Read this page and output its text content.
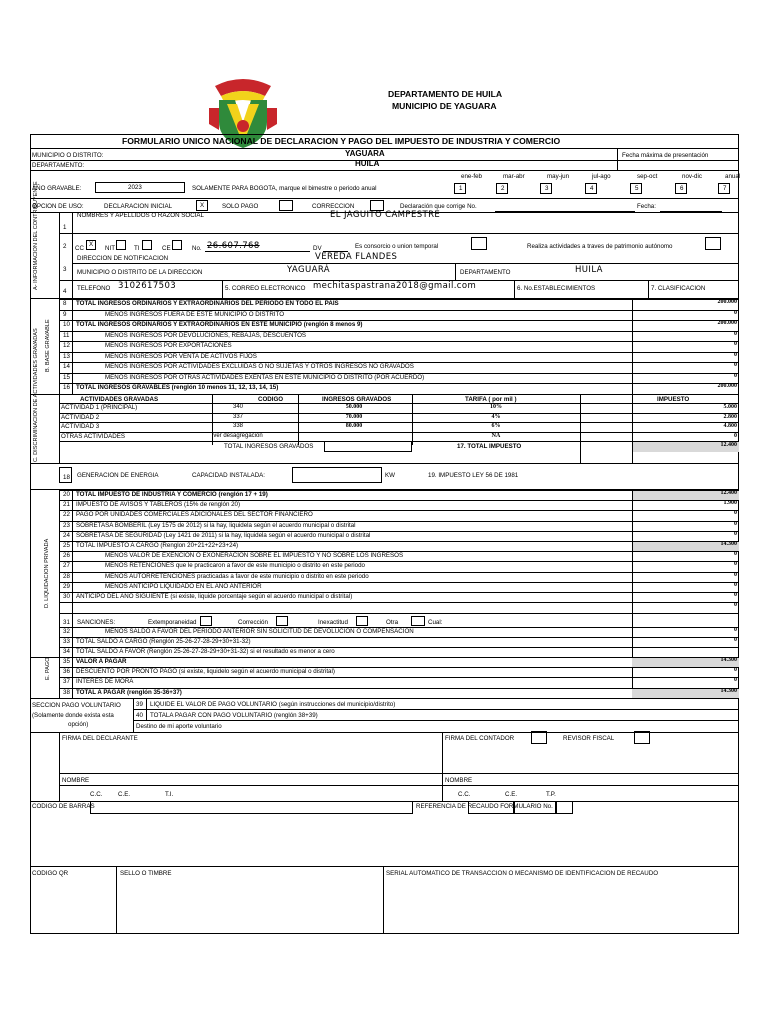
DEPARTAMENTO DE HUILA
MUNICIPIO DE YAGUARA
FORMULARIO UNICO NACIONAL DE DECLARACION Y PAGO DEL IMPUESTO DE INDUSTRIA Y COMERCIO
MUNICIPIO O DISTRITO:	YAGUARA	Fecha máxima de presentación
DEPARTAMENTO:	HUILA
ene-feb
1
mar-abr
2
may-jun
3
jul-ago
4
sep-oct
5
nov-dic
6
anual
7
AÑO GRAVABLE:	2023	SOLAMENTE PARA BOGOTA, marque el bimestre o periodo anual
OPCION DE USO:	DECLARACION INICIAL	X	SOLO PAGO	CORRECCION	Declaración que corrige No.	Fecha:
A- INFORMACION DEL CONTRIBUYENTE	NOMBRES Y APELLIDOS O RAZON SOCIAL	EL JAGUITO CAMPESTRE
1
2 CC
X
NIT	TI	CE	No. 26.607.768	DV	Es consorcio o union temporal	Realiza actividades a traves de patrimonio autónomo
DIRECCION DE NOTIFICACION	VEREDA FLANDES
3 MUNICIPIO O DISTRITO DE LA DIRECCION	YAGUARÁ	DEPARTAMENTO	HUILA
4 TELEFONO 3102617503	5. CORREO ELECTRONICO mechitaspastrana2018@gmail.com	6. No.ESTABLECIMIENTOS	7. CLASIFICACION
B. BASE GRAVABLE
8 TOTAL INGRESOS ORDINARIOS Y EXTRAORDINARIOS DEL PERIODO EN TODO EL PAIS	200.000
9	MENOS INGRESOS FUERA DE ESTE MUNICIPIO O DISTRITO	0
10 TOTAL INGRESOS ORDINARIOS Y EXTRAORDINARIOS EN ESTE MUNICIPIO (renglón 8 menos 9)	200.000
11	MENOS INGRESOS POR DEVOLUCIONES, REBAJAS, DESCUENTOS	0
12	MENOS INGRESOS POR EXPORTACIONES	0
13	MENOS INGRESOS POR VENTA DE ACTIVOS FIJOS	0
14	MENOS INGRESOS POR ACTIVIDADES EXCLUIDAS O NO SUJETAS Y OTROS INGRESOS NO GRAVADOS	0
15	MENOS INGRESOS POR OTRAS ACTIVIDADES EXENTAS EN ESTE MUNICIPIO O DISTRITO (POR ACUERDO)	0
16 TOTAL INGRESOS GRAVABLES (renglón 10 menos 11, 12, 13, 14, 15)	200.000
C. DISCRIMINACION DE ACTIVIDADES GRAVADAS	ACTIVIDADES GRAVADAS	CODIGO	INGRESOS GRAVADOS	TARIFA ( por mil )	IMPUESTO
ACTIVIDAD 1 (PRINCIPAL)	340	50.000	10%	5.000
ACTIVIDAD 2	337	70.000	4%	2.800
ACTIVIDAD 3	338	80.000	6%	4.800
OTRAS ACTIVIDADES	ver desagregacion	NA	0
TOTAL INGRESOS GRAVADOS	17. TOTAL IMPUESTO	12.400
18 GENERACION DE ENERGIA	CAPACIDAD INSTALADA:	KW	19. IMPUESTO LEY 56 DE 1981
D. LIQUIDACION PRIVADA
20 TOTAL IMPUESTO DE INDUSTRIA Y COMERCIO (renglón 17 + 19)	12.400
21 IMPUESTO DE AVISOS Y TABLEROS (15% de renglón 20)	1.900
22 PAGO POR UNIDADES COMERCIALES ADICIONALES DEL SECTOR FINANCIERO	0
23 SOBRETASA BOMBERIL (Ley 1575 de 2012) si la hay, liquidela según el acuerdo municipal o distrital	0
24 SOBRETASA DE SEGURIDAD (Ley 1421 de 2011) si la hay, liquidela según el acuerdo municipal o distrital	0
25 TOTAL IMPUESTO A CARGO (Renglon 20+21+22+23+24)	14.300
26	MENOS VALOR DE EXENCION O EXONERACION SOBRE EL IMPUESTO Y NO SOBRE LOS INGRESOS	0
27	MENOS RETENCIONES que le practicaron a favor de este municipio o distrito en este periodo	0
28	MENOS AUTORRETENCIONES practicadas a favor de este municipio o distrito en este periodo	0
29	MENOS ANTICIPO LIQUIDADO EN EL AÑO ANTERIOR	0
30 ANTICIPO DEL AÑO SIGUIENTE (si existe, liquide porcentaje según el acuerdo municipal o distrital)	0
0
31 SANCIONES:	Extemporaneidad	Corrección	Inexactitud	Otra	Cual:
32	MENOS SALDO A FAVOR DEL PERIODO ANTERIOR SIN SOLICITUD DE DEVOLUCION O COMPENSACION	0
33 TOTAL SALDO A CARGO (Renglón 25-26-27-28-29+30+31-32)	0
34 TOTAL SALDO A FAVOR (Renglón 25-26-27-28-29+30+31-32) si el resultado es menor a cero
E. PAGO 35 VALOR A PAGAR	14.300
36 DESCUENTO POR PRONTO PAGO (si existe, liquidelo según el acuerdo municipal o distrital)	0
37 INTERES DE MORA	0
38 TOTAL A PAGAR (renglón 35-36+37)	14.300
SECCION PAGO VOLUNTARIO
(Solamente donde exista esta
opción)
39 LIQUIDE EL VALOR DE PAGO VOLUNTARIO (según instrucciones del municipio/distrito)
40 TOTALA PAGAR CON PAGO VOLUNTARIO (renglón 38+39)
Destino de mi aporte voluntario
FIRMA DEL DECLARANTE	FIRMA DEL CONTADOR	REVISOR FISCAL
NOMBRE	NOMBRE
C.C.	C.E.	T.I.	C.C.	C.E.	T.P.
CODIGO DE BARRAS	REFERENCIA DE RECAUDO FORMULARIO No.
CODIGO QR	SELLO O TIMBRE	SERIAL AUTOMATICO DE TRANSACCION O MECANISMO DE IDENTIFICACION DE RECAUDO
